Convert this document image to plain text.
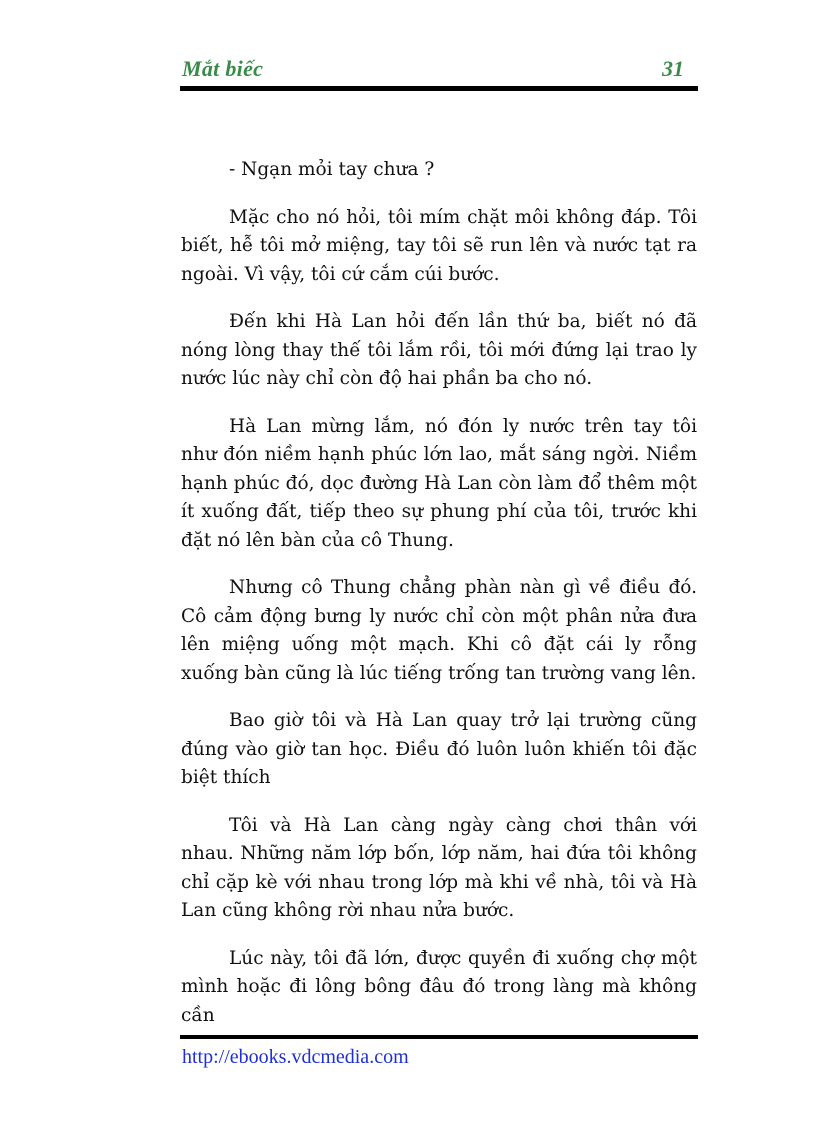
Mắt biếc	31

- Ngạn mỏi tay chưa ?

Mặc cho nó hỏi, tôi mím chặt môi không đáp. Tôi biết, hễ tôi mở miệng, tay tôi sẽ run lên và nước tạt ra ngoài. Vì vậy, tôi cứ cắm cúi bước.

Đến khi Hà Lan hỏi đến lần thứ ba, biết nó đã nóng lòng thay thế tôi lắm rồi, tôi mới đứng lại trao ly nước lúc này chỉ còn độ hai phần ba cho nó.

Hà Lan mừng lắm, nó đón ly nước trên tay tôi như đón niềm hạnh phúc lớn lao, mắt sáng ngời. Niềm hạnh phúc đó, dọc đường Hà Lan còn làm đổ thêm một ít xuống đất, tiếp theo sự phung phí của tôi, trước khi đặt nó lên bàn của cô Thung.

Nhưng cô Thung chẳng phàn nàn gì về điều đó. Cô cảm động bưng ly nước chỉ còn một phân nửa đưa lên miệng uống một mạch. Khi cô đặt cái ly rỗng xuống bàn cũng là lúc tiếng trống tan trường vang lên.

Bao giờ tôi và Hà Lan quay trở lại trường cũng đúng vào giờ tan học. Điều đó luôn luôn khiến tôi đặc biệt thích

Tôi và Hà Lan càng ngày càng chơi thân với nhau. Những năm lớp bốn, lớp năm, hai đứa tôi không chỉ cặp kè với nhau trong lớp mà khi về nhà, tôi và Hà Lan cũng không rời nhau nửa bước.

Lúc này, tôi đã lớn, được quyền đi xuống chợ một mình hoặc đi lông bông đâu đó trong làng mà không cần

http://ebooks.vdcmedia.com
